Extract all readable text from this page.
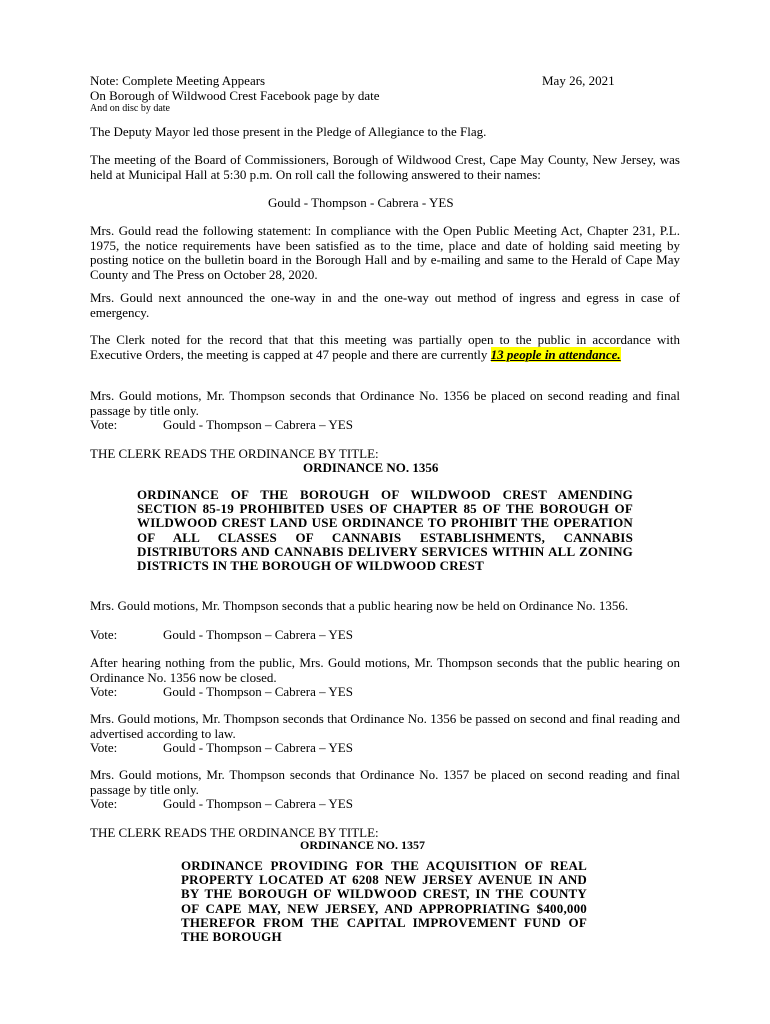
Note: Complete Meeting Appears	May 26, 2021
On Borough of Wildwood Crest Facebook page by date
And on disc by date
The Deputy Mayor led those present in the Pledge of Allegiance to the Flag.
The meeting of the Board of Commissioners, Borough of Wildwood Crest, Cape May County, New Jersey, was held at Municipal Hall at 5:30 p.m. On roll call the following answered to their names:
Gould - Thompson - Cabrera - YES
Mrs. Gould read the following statement: In compliance with the Open Public Meeting Act, Chapter 231, P.L. 1975, the notice requirements have been satisfied as to the time, place and date of holding said meeting by posting notice on the bulletin board in the Borough Hall and by e-mailing and same to the Herald of Cape May County and The Press on October 28, 2020.
Mrs. Gould next announced the one-way in and the one-way out method of ingress and egress in case of emergency.
The Clerk noted for the record that that this meeting was partially open to the public in accordance with Executive Orders, the meeting is capped at 47 people and there are currently 13 people in attendance.
Mrs. Gould motions, Mr. Thompson seconds that Ordinance No. 1356 be placed on second reading and final passage by title only.
Vote:	Gould - Thompson – Cabrera – YES
THE CLERK READS THE ORDINANCE BY TITLE:
ORDINANCE NO. 1356
ORDINANCE OF THE BOROUGH OF WILDWOOD CREST AMENDING SECTION 85-19 PROHIBITED USES OF CHAPTER 85 OF THE BOROUGH OF WILDWOOD CREST LAND USE ORDINANCE TO PROHIBIT THE OPERATION OF ALL CLASSES OF CANNABIS ESTABLISHMENTS, CANNABIS DISTRIBUTORS AND CANNABIS DELIVERY SERVICES WITHIN ALL ZONING DISTRICTS IN THE BOROUGH OF WILDWOOD CREST
Mrs. Gould motions, Mr. Thompson seconds that a public hearing now be held on Ordinance No. 1356.
Vote:	Gould - Thompson – Cabrera – YES
After hearing nothing from the public, Mrs. Gould motions, Mr. Thompson seconds that the public hearing on Ordinance No. 1356 now be closed.
Vote:	Gould - Thompson – Cabrera – YES
Mrs. Gould motions, Mr. Thompson seconds that Ordinance No. 1356 be passed on second and final reading and advertised according to law.
Vote:	Gould - Thompson – Cabrera – YES
Mrs. Gould motions, Mr. Thompson seconds that Ordinance No. 1357 be placed on second reading and final passage by title only.
Vote:	Gould - Thompson – Cabrera – YES
THE CLERK READS THE ORDINANCE BY TITLE:
ORDINANCE NO. 1357
ORDINANCE PROVIDING FOR THE ACQUISITION OF REAL PROPERTY LOCATED AT 6208 NEW JERSEY AVENUE IN AND BY THE BOROUGH OF WILDWOOD CREST, IN THE COUNTY OF CAPE MAY, NEW JERSEY, AND APPROPRIATING $400,000 THEREFOR FROM THE CAPITAL IMPROVEMENT FUND OF THE BOROUGH
